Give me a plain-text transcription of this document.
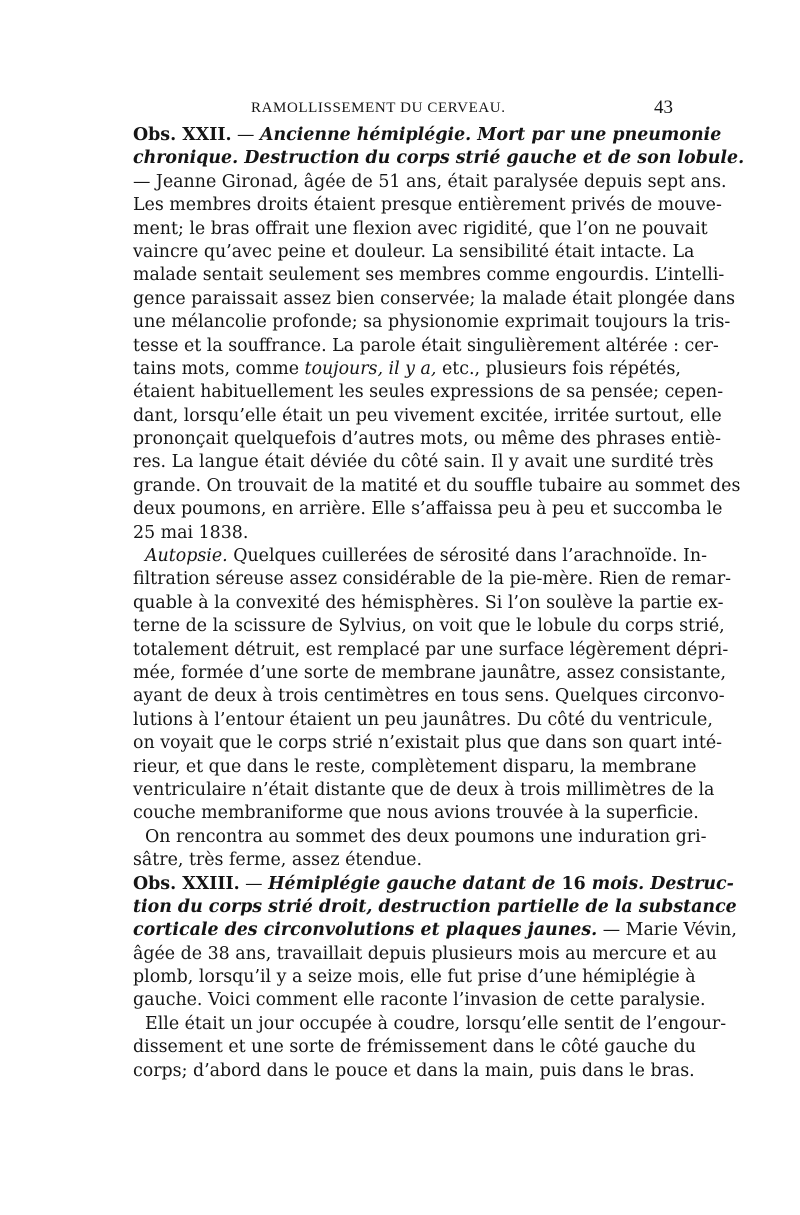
RAMOLLISSEMENT DU CERVEAU.	43
Obs. XXII. — Ancienne hémiplégie. Mort par une pneumonie
chronique. Destruction du corps strié gauche et de son lobule.
— Jeanne Gironad, âgée de 51 ans, était paralysée depuis sept ans.
Les membres droits étaient presque entièrement privés de mouve-
ment; le bras offrait une flexion avec rigidité, que l’on ne pouvait
vaincre qu’avec peine et douleur. La sensibilité était intacte. La
malade sentait seulement ses membres comme engourdis. L’intelli-
gence paraissait assez bien conservée; la malade était plongée dans
une mélancolie profonde; sa physionomie exprimait toujours la tris-
tesse et la souffrance. La parole était singulièrement altérée : cer-
tains mots, comme toujours, il y a, etc., plusieurs fois répétés,
étaient habituellement les seules expressions de sa pensée; cepen-
dant, lorsqu’elle était un peu vivement excitée, irritée surtout, elle
prononçait quelquefois d’autres mots, ou même des phrases entiè-
res. La langue était déviée du côté sain. Il y avait une surdité très
grande. On trouvait de la matité et du souffle tubaire au sommet des
deux poumons, en arrière. Elle s’affaissa peu à peu et succomba le
25 mai 1838.
Autopsie. Quelques cuillerées de sérosité dans l’arachnoïde. In-
filtration séreuse assez considérable de la pie-mère. Rien de remar-
quable à la convexité des hémisphères. Si l’on soulève la partie ex-
terne de la scissure de Sylvius, on voit que le lobule du corps strié,
totalement détruit, est remplacé par une surface légèrement dépri-
mée, formée d’une sorte de membrane jaunâtre, assez consistante,
ayant de deux à trois centimètres en tous sens. Quelques circonvo-
lutions à l’entour étaient un peu jaunâtres. Du côté du ventricule,
on voyait que le corps strié n’existait plus que dans son quart inté-
rieur, et que dans le reste, complètement disparu, la membrane
ventriculaire n’était distante que de deux à trois millimètres de la
couche membraniforme que nous avions trouvée à la superficie.
On rencontra au sommet des deux poumons une induration gri-
sâtre, très ferme, assez étendue.
Obs. XXIII. — Hémiplégie gauche datant de 16 mois. Destruc-
tion du corps strié droit, destruction partielle de la substance
corticale des circonvolutions et plaques jaunes. — Marie Vévin,
âgée de 38 ans, travaillait depuis plusieurs mois au mercure et au
plomb, lorsqu’il y a seize mois, elle fut prise d’une hémiplégie à
gauche. Voici comment elle raconte l’invasion de cette paralysie.
Elle était un jour occupée à coudre, lorsqu’elle sentit de l’engour-
dissement et une sorte de frémissement dans le côté gauche du
corps; d’abord dans le pouce et dans la main, puis dans le bras.
